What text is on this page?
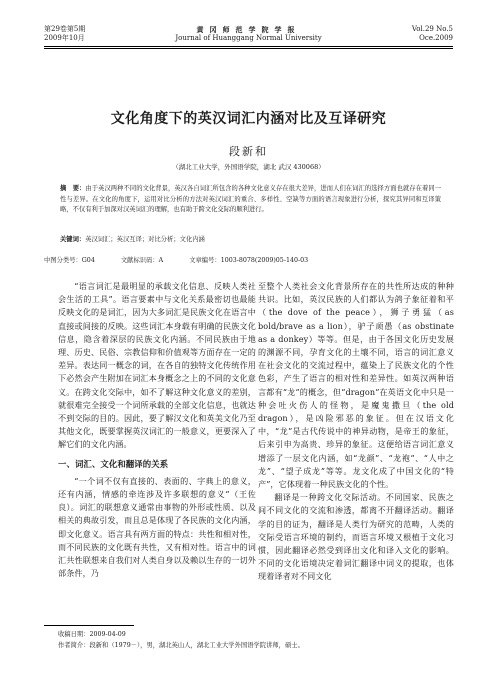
第29卷第5期
2009年10月
黄冈师范学院学报
Journal of Huanggang Normal University
Vol.29 No.5
Oce.2009
文化角度下的英汉词汇内涵对比及互译研究
段新和
（湖北工业大学，外国语学院，湖北 武汉 430068）
摘　要：由于英汉两种不同的文化背景，英汉各自词汇所包含的各种文化意义存在很大差异，进而人们在词汇的选择方面也就存在着同一性与差异。在文化的角度下，运用对比分析的方法对英汉词汇的重合、多样性、空缺等方面的语言现象进行分析，探究其异同和互译策略，不仅有利于加深对汉英词汇的理解，也有助于跨文化交际的顺利进行。
关键词：英汉词汇；英汉互译；对比分析；文化内涵
中图分类号：G04	文献标识码：A	文章编号：1003-8078(2009)05-140-03

“语言词汇是最明显的承载文化信息、反映人类社会生活的工具”。语言要素中与文化关系最密切也最能反映文化的是词汇，因为大多词汇是民族文化在语言中直接或间接的反映。这些词汇本身载有明确的民族文化信息，隐含着深层的民族文化内涵。不同民族由于地理、历史、民俗、宗教信仰和价值观等方面存在一定的差异。表达同一概念的词，在各自的独特文化传统作用下必然会产生附加在词汇本身概念之上的不同的文化意义。在跨文化交际中，如不了解这种文化意义的差别，就很难完全接受一个词所承载的全部文化信息，也就达不到交际的目的。因此，要了解汉文化和英美文化乃至其他文化，既要掌握英汉词汇的一般意义，更要深入了解它们的文化内涵。

一、词汇、文化和翻译的关系

“一个词不仅有直接的、表面的、字典上的意义，还有内涵，情感的牵连涉及许多联想的意义”（王佐良）。词汇的联想意义通常由事物的外形或性质、以及相关的典故引发，而且总是体现了各民族的文化内涵，即文化意义。语言具有两方面的特点：共性和相对性，而不同民族的文化既有共性，又有相对性。语言中的词汇共性联想来自我们对人类自身以及赖以生存的一切外部条件，乃

至整个人类社会文化背景所存在的共性所达成的种种共识。比如，英汉民族的人们都认为鸽子象征着和平（the dove of the peace），狮子勇猛（as bold/brave as a lion），驴子顽愚（as obstinate as a donkey）等等。但是，由于各国文化历史发展的渊源不同，孕育文化的土壤不同，语言的词汇意义在社会文化的交流过程中，蕴染上了民族文化的个性色彩，产生了语言的相对性和差异性。如英汉两种语言都有“龙”的概念，但“dragon”在英语文化中只是一种会吐火伤人的怪物，是魔鬼撒旦（the old dragon），是凶险邪恶的象征。但在汉语文化中，“龙”是古代传说中的神异动物，是帝王的象征，后来引申为高贵、珍异的象征。这便给语言词汇意义增添了一层文化内涵，如“龙颜”、“龙袍”、“人中之龙”、“望子成龙”等等。龙文化成了中国文化的“特产”，它体现着一种民族文化的个性。

翻译是一种跨文化交际活动。不同国家、民族之间不同文化的交流和渗透，都离不开翻译活动。翻译学的目的证为，翻译是人类行为研究的范畴，人类的交际受语言环境的制约，而语言环境又根植于文化习惯，因此翻译必然受到译出文化和译入文化的影响。不同的文化语境决定着词汇翻译中词义的提取，也体现着译者对不同文化

收稿日期：2009-04-09
作者简介：段新和（1979－），男，湖北英山人，湖北工业大学外国语学院讲师，硕士。
